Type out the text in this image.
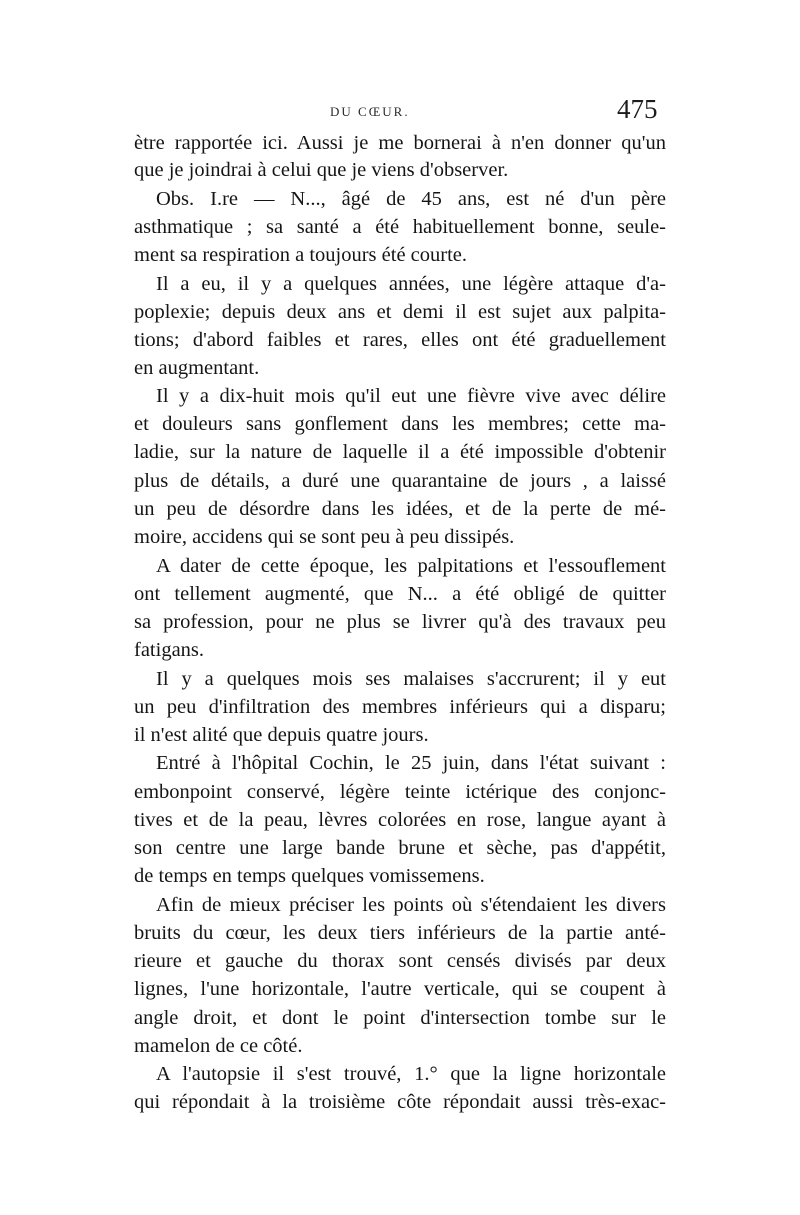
DU CŒUR.	475
ètre rapportée ici. Aussi je me bornerai à n'en donner qu'un
que je joindrai à celui que je viens d'observer.
Obs. I.re — N..., âgé de 45 ans, est né d'un père
asthmatique ; sa santé a été habituellement bonne, seule-
ment sa respiration a toujours été courte.
Il a eu, il y a quelques années, une légère attaque d'a-
poplexie; depuis deux ans et demi il est sujet aux palpita-
tions; d'abord faibles et rares, elles ont été graduellement
en augmentant.
Il y a dix-huit mois qu'il eut une fièvre vive avec délire
et douleurs sans gonflement dans les membres; cette ma-
ladie, sur la nature de laquelle il a été impossible d'obtenir
plus de détails, a duré une quarantaine de jours , a laissé
un peu de désordre dans les idées, et de la perte de mé-
moire, accidens qui se sont peu à peu dissipés.
A dater de cette époque, les palpitations et l'essouflement
ont tellement augmenté, que N... a été obligé de quitter
sa profession, pour ne plus se livrer qu'à des travaux peu
fatigans.
Il y a quelques mois ses malaises s'accrurent; il y eut
un peu d'infiltration des membres inférieurs qui a disparu;
il n'est alité que depuis quatre jours.
Entré à l'hôpital Cochin, le 25 juin, dans l'état suivant :
embonpoint conservé, légère teinte ictérique des conjonc-
tives et de la peau, lèvres colorées en rose, langue ayant à
son centre une large bande brune et sèche, pas d'appétit,
de temps en temps quelques vomissemens.
Afin de mieux préciser les points où s'étendaient les divers
bruits du cœur, les deux tiers inférieurs de la partie anté-
rieure et gauche du thorax sont censés divisés par deux
lignes, l'une horizontale, l'autre verticale, qui se coupent à
angle droit, et dont le point d'intersection tombe sur le
mamelon de ce côté.
A l'autopsie il s'est trouvé, 1.° que la ligne horizontale
qui répondait à la troisième côte répondait aussi très-exac-
